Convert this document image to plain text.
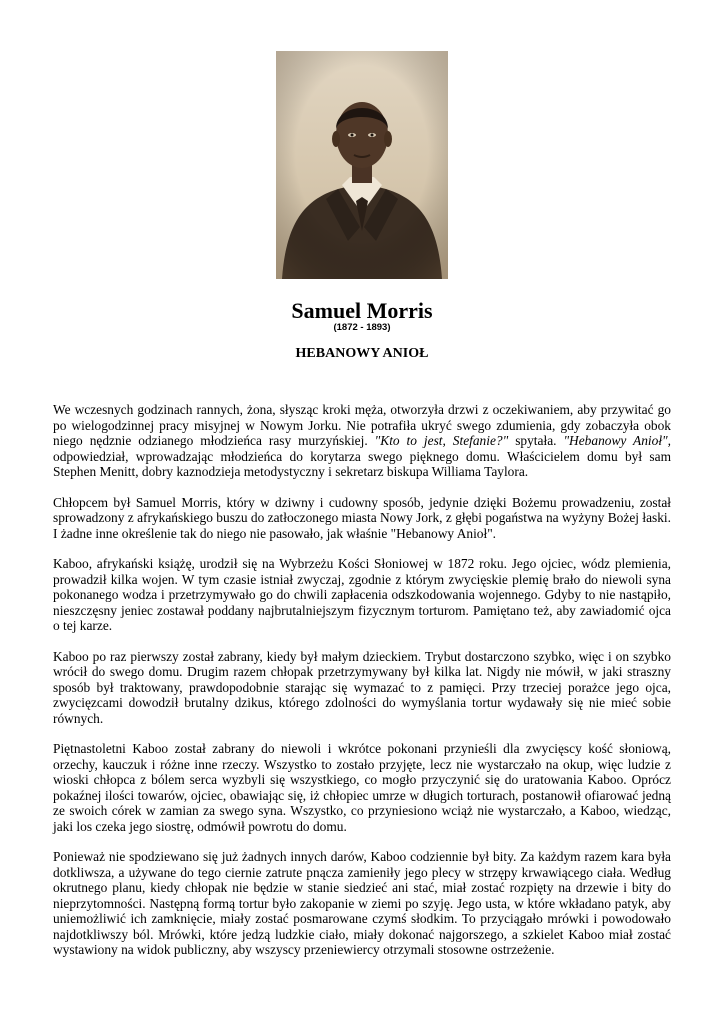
Samuel Morris
(1872 - 1893)
HEBANOWY ANIOŁ

We wczesnych godzinach rannych, żona, słysząc kroki męża, otworzyła drzwi z oczekiwaniem, aby przywitać go po wielogodzinnej pracy misyjnej w Nowym Jorku. Nie potrafiła ukryć swego zdumienia, gdy zobaczyła obok niego nędznie odzianego młodzieńca rasy murzyńskiej. "Kto to jest, Stefanie?" spytała. "Hebanowy Anioł", odpowiedział, wprowadzając młodzieńca do korytarza swego pięknego domu. Właścicielem domu był sam Stephen Menitt, dobry kaznodzieja metodystyczny i sekretarz biskupa Williama Taylora.

Chłopcem był Samuel Morris, który w dziwny i cudowny sposób, jedynie dzięki Bożemu prowadzeniu, został sprowadzony z afrykańskiego buszu do zatłoczonego miasta Nowy Jork, z głębi pogaństwa na wyżyny Bożej łaski. I żadne inne określenie tak do niego nie pasowało, jak właśnie "Hebanowy Anioł".

Kaboo, afrykański książę, urodził się na Wybrzeżu Kości Słoniowej w 1872 roku. Jego ojciec, wódz plemienia, prowadził kilka wojen. W tym czasie istniał zwyczaj, zgodnie z którym zwycięskie plemię brało do niewoli syna pokonanego wodza i przetrzymywało go do chwili zapłacenia odszkodowania wojennego. Gdyby to nie nastąpiło, nieszczęsny jeniec zostawał poddany najbrutalniejszym fizycznym torturom. Pamiętano też, aby zawiadomić ojca o tej karze.

Kaboo po raz pierwszy został zabrany, kiedy był małym dzieckiem. Trybut dostarczono szybko, więc i on szybko wrócił do swego domu. Drugim razem chłopak przetrzymywany był kilka lat. Nigdy nie mówił, w jaki straszny sposób był traktowany, prawdopodobnie starając się wymazać to z pamięci. Przy trzeciej porażce jego ojca, zwycięzcami dowodził brutalny dzikus, którego zdolności do wymyślania tortur wydawały się nie mieć sobie równych.

Piętnastoletni Kaboo został zabrany do niewoli i wkrótce pokonani przynieśli dla zwycięscy kość słoniową, orzechy, kauczuk i różne inne rzeczy. Wszystko to zostało przyjęte, lecz nie wystarczało na okup, więc ludzie z wioski chłopca z bólem serca wyzbyli się wszystkiego, co mogło przyczynić się do uratowania Kaboo. Oprócz pokaźnej ilości towarów, ojciec, obawiając się, iż chłopiec umrze w długich torturach, postanowił ofiarować jedną ze swoich córek w zamian za swego syna. Wszystko, co przyniesiono wciąż nie wystarczało, a Kaboo, wiedząc, jaki los czeka jego siostrę, odmówił powrotu do domu.

Ponieważ nie spodziewano się już żadnych innych darów, Kaboo codziennie był bity. Za każdym razem kara była dotkliwsza, a używane do tego ciernie zatrute pnącza zamieniły jego plecy w strzępy krwawiącego ciała. Według okrutnego planu, kiedy chłopak nie będzie w stanie siedzieć ani stać, miał zostać rozpięty na drzewie i bity do nieprzytomności. Następną formą tortur było zakopanie w ziemi po szyję. Jego usta, w które wkładano patyk, aby uniemożliwić ich zamknięcie, miały zostać posmarowane czymś słodkim. To przyciągało mrówki i powodowało najdotkliwszy ból. Mrówki, które jedzą ludzkie ciało, miały dokonać najgorszego, a szkielet Kaboo miał zostać wystawiony na widok publiczny, aby wszyscy przeniewiercy otrzymali stosowne ostrzeżenie.
